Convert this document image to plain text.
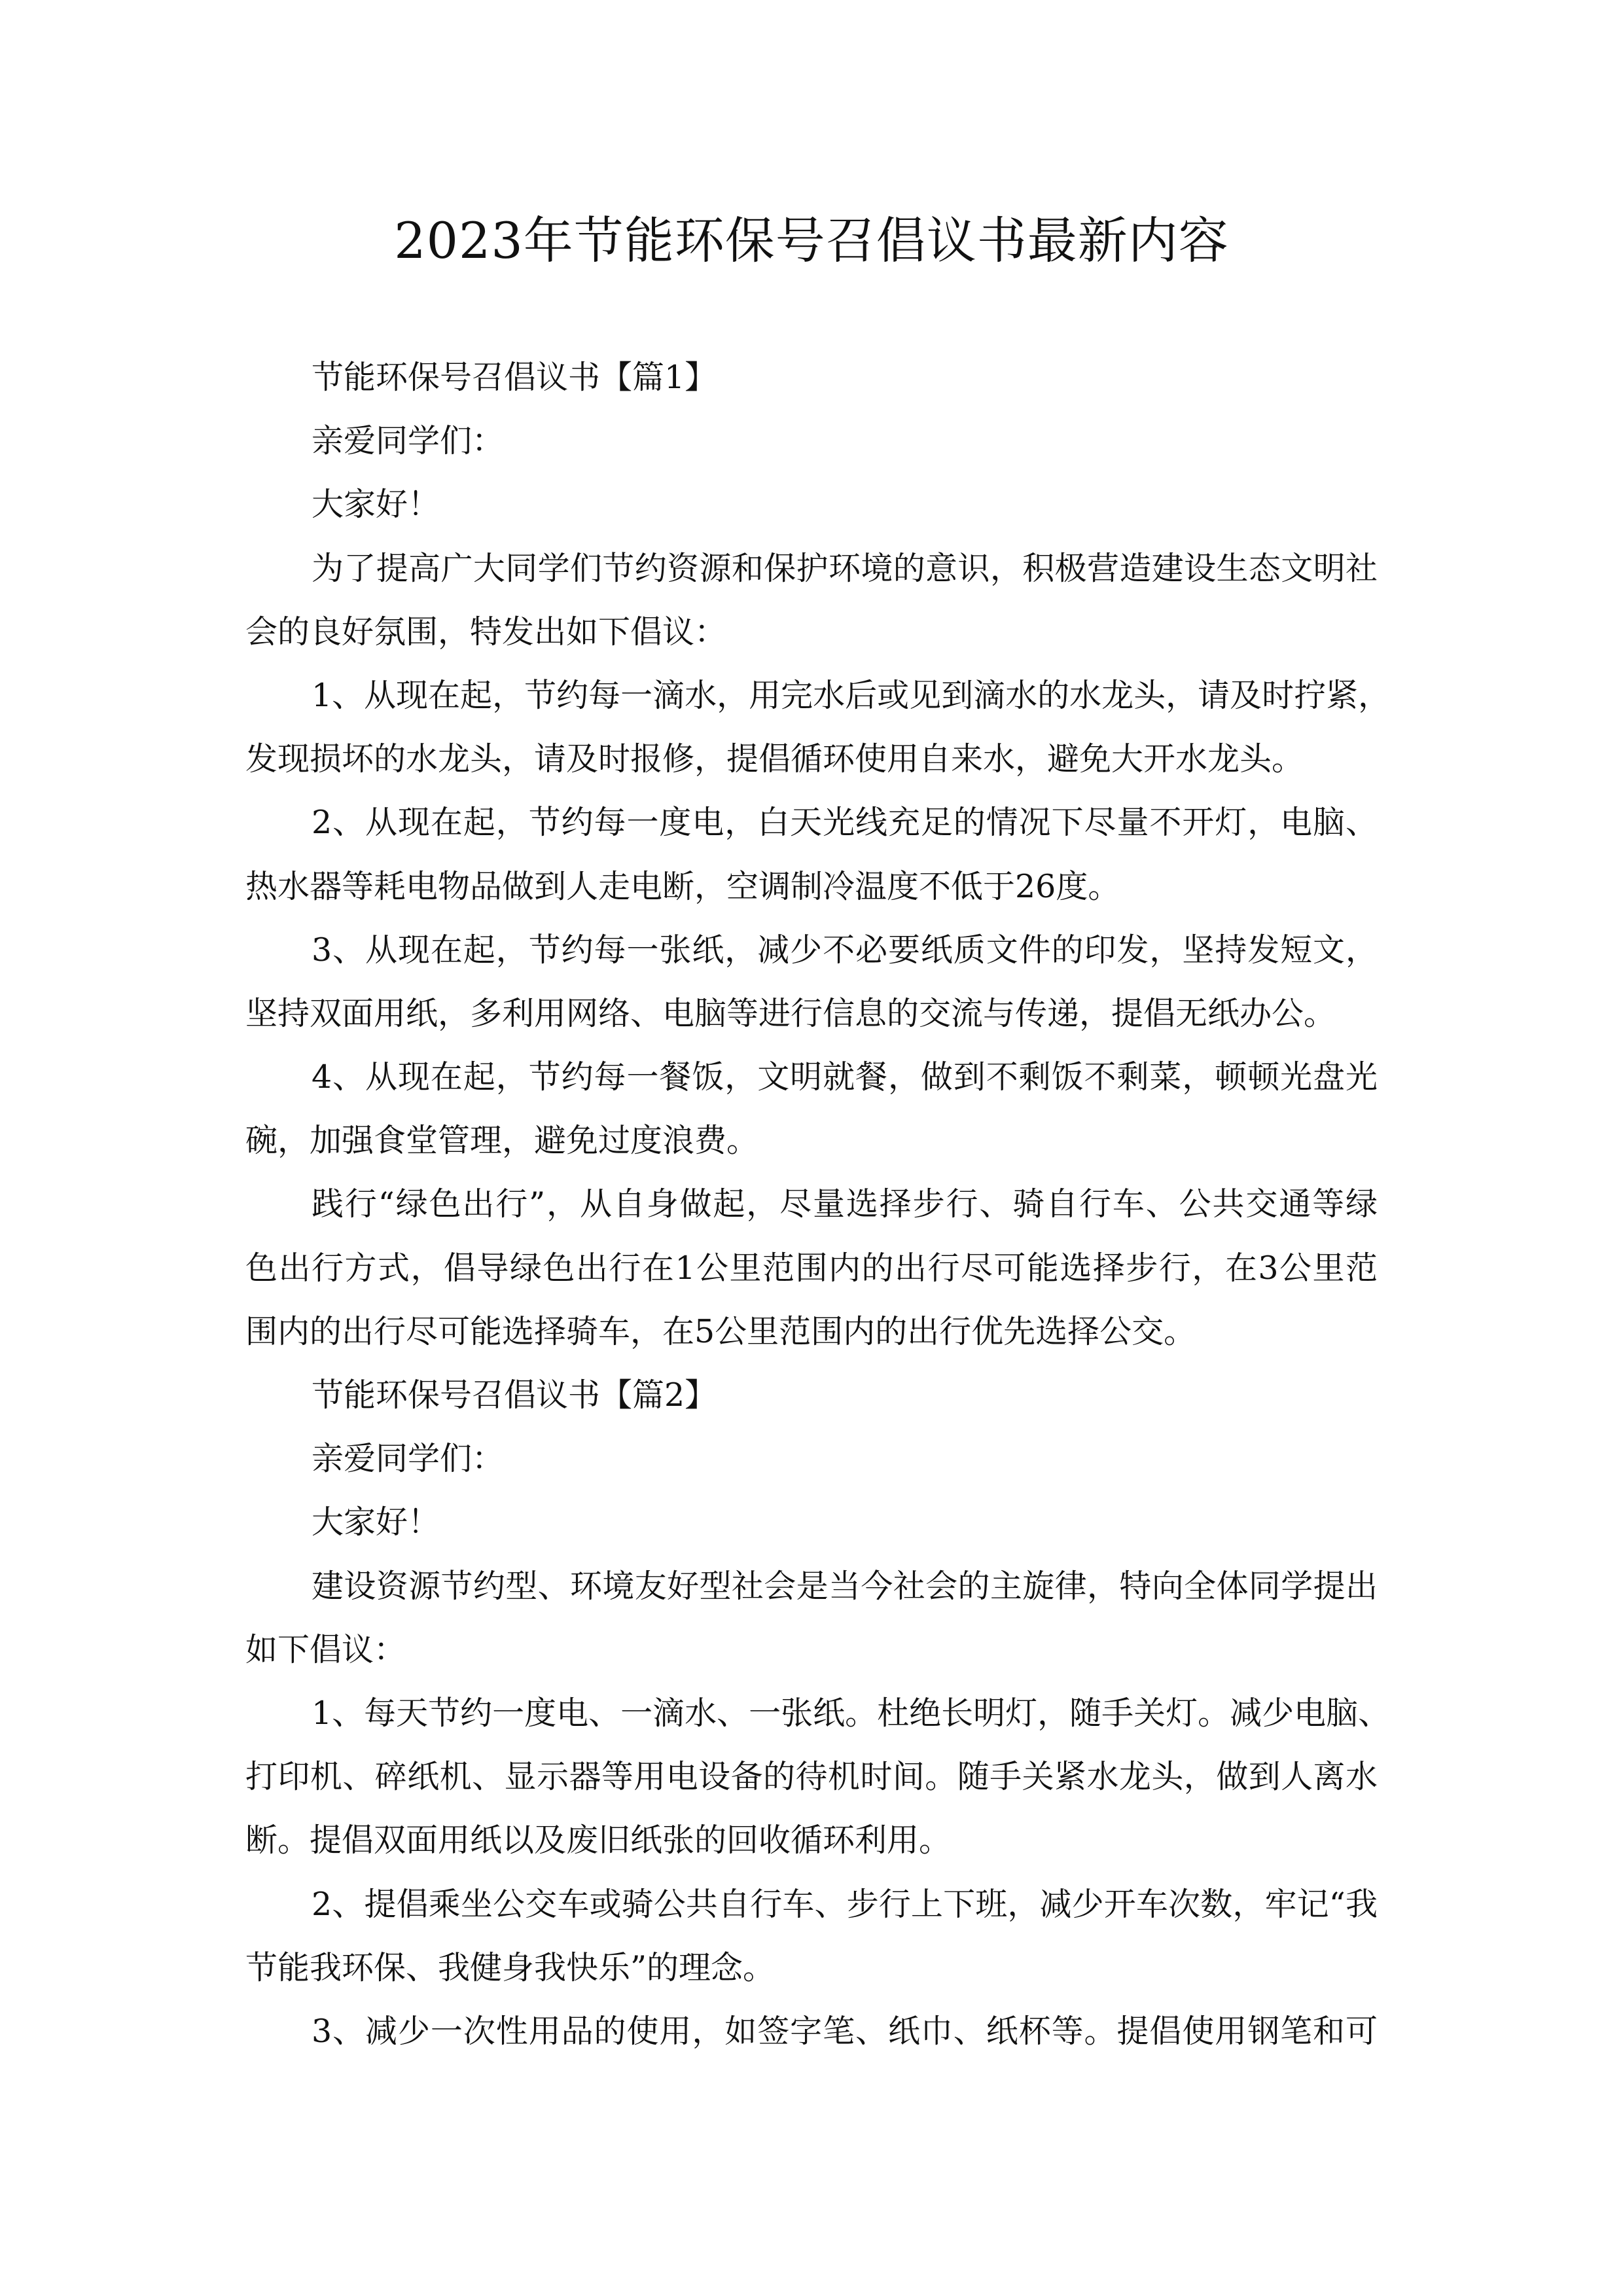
2023年节能环保号召倡议书最新内容
节能环保号召倡议书【篇1】
亲爱同学们：
大家好！
为了提高广大同学们节约资源和保护环境的意识，积极营造建设生态文明社
会的良好氛围，特发出如下倡议：
1、从现在起，节约每一滴水，用完水后或见到滴水的水龙头，请及时拧紧，
发现损坏的水龙头，请及时报修，提倡循环使用自来水，避免大开水龙头。
2、从现在起，节约每一度电，白天光线充足的情况下尽量不开灯，电脑、
热水器等耗电物品做到人走电断，空调制冷温度不低于26度。
3、从现在起，节约每一张纸，减少不必要纸质文件的印发，坚持发短文，
坚持双面用纸，多利用网络、电脑等进行信息的交流与传递，提倡无纸办公。
4、从现在起，节约每一餐饭，文明就餐，做到不剩饭不剩菜，顿顿光盘光
碗，加强食堂管理，避免过度浪费。
践行“绿色出行”，从自身做起，尽量选择步行、骑自行车、公共交通等绿
色出行方式，倡导绿色出行在1公里范围内的出行尽可能选择步行，在3公里范
围内的出行尽可能选择骑车，在5公里范围内的出行优先选择公交。
节能环保号召倡议书【篇2】
亲爱同学们：
大家好！
建设资源节约型、环境友好型社会是当今社会的主旋律，特向全体同学提出
如下倡议：
1、每天节约一度电、一滴水、一张纸。杜绝长明灯，随手关灯。减少电脑、
打印机、碎纸机、显示器等用电设备的待机时间。随手关紧水龙头，做到人离水
断。提倡双面用纸以及废旧纸张的回收循环利用。
2、提倡乘坐公交车或骑公共自行车、步行上下班，减少开车次数，牢记“我
节能我环保、我健身我快乐”的理念。
3、减少一次性用品的使用，如签字笔、纸巾、纸杯等。提倡使用钢笔和可
